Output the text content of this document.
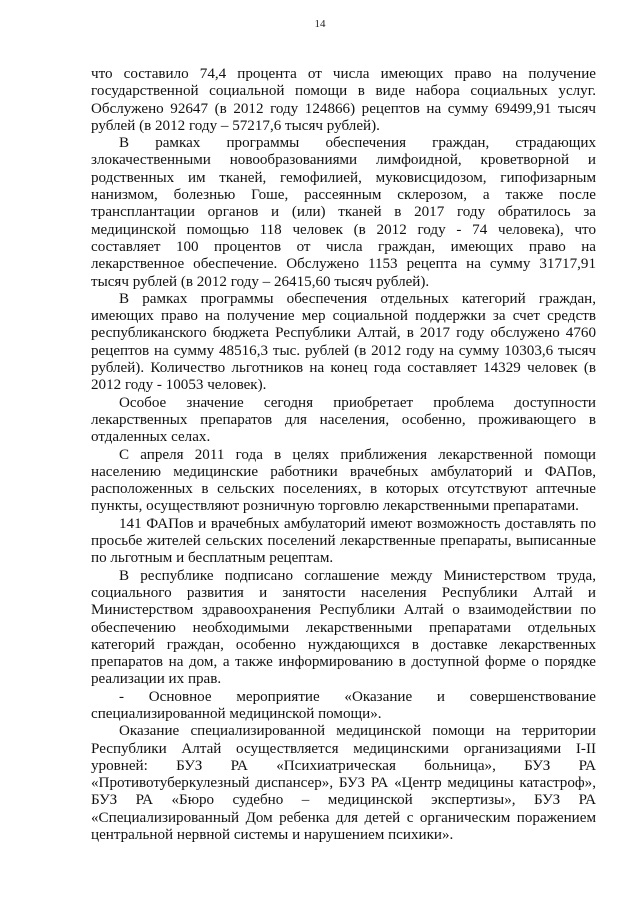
14

что составило 74,4 процента от числа имеющих право на получение государственной социальной помощи в виде набора социальных услуг. Обслужено 92647 (в 2012 году 124866) рецептов на сумму 69499,91 тысяч рублей (в 2012 году – 57217,6 тысяч рублей).

В рамках программы обеспечения граждан, страдающих злокачественными новообразованиями лимфоидной, кроветворной и родственных им тканей, гемофилией, муковисцидозом, гипофизарным нанизмом, болезнью Гоше, рассеянным склерозом, а также после трансплантации органов и (или) тканей в 2017 году обратилось за медицинской помощью 118 человек (в 2012 году - 74 человека), что составляет 100 процентов от числа граждан, имеющих право на лекарственное обеспечение. Обслужено 1153 рецепта на сумму 31717,91 тысяч рублей (в 2012 году – 26415,60 тысяч рублей).

В рамках программы обеспечения отдельных категорий граждан, имеющих право на получение мер социальной поддержки за счет средств республиканского бюджета Республики Алтай, в 2017 году обслужено 4760 рецептов на сумму 48516,3 тыс. рублей (в 2012 году на сумму 10303,6 тысяч рублей). Количество льготников на конец года составляет 14329 человек (в 2012 году - 10053 человек).

Особое значение сегодня приобретает проблема доступности лекарственных препаратов для населения, особенно, проживающего в отдаленных селах.

С апреля 2011 года в целях приближения лекарственной помощи населению медицинские работники врачебных амбулаторий и ФАПов, расположенных в сельских поселениях, в которых отсутствуют аптечные пункты, осуществляют розничную торговлю лекарственными препаратами.

141 ФАПов и врачебных амбулаторий имеют возможность доставлять по просьбе жителей сельских поселений лекарственные препараты, выписанные по льготным и бесплатным рецептам.

В республике подписано соглашение между Министерством труда, социального развития и занятости населения Республики Алтай и Министерством здравоохранения Республики Алтай о взаимодействии по обеспечению необходимыми лекарственными препаратами отдельных категорий граждан, особенно нуждающихся в доставке лекарственных препаратов на дом, а также информированию в доступной форме о порядке реализации их прав.

- Основное мероприятие «Оказание и совершенствование специализированной медицинской помощи».

Оказание специализированной медицинской помощи на территории Республики Алтай осуществляется медицинскими организациями I-II уровней: БУЗ РА «Психиатрическая больница», БУЗ РА «Противотуберкулезный диспансер», БУЗ РА «Центр медицины катастроф», БУЗ РА «Бюро судебно – медицинской экспертизы», БУЗ РА «Специализированный Дом ребенка для детей с органическим поражением центральной нервной системы и нарушением психики».
